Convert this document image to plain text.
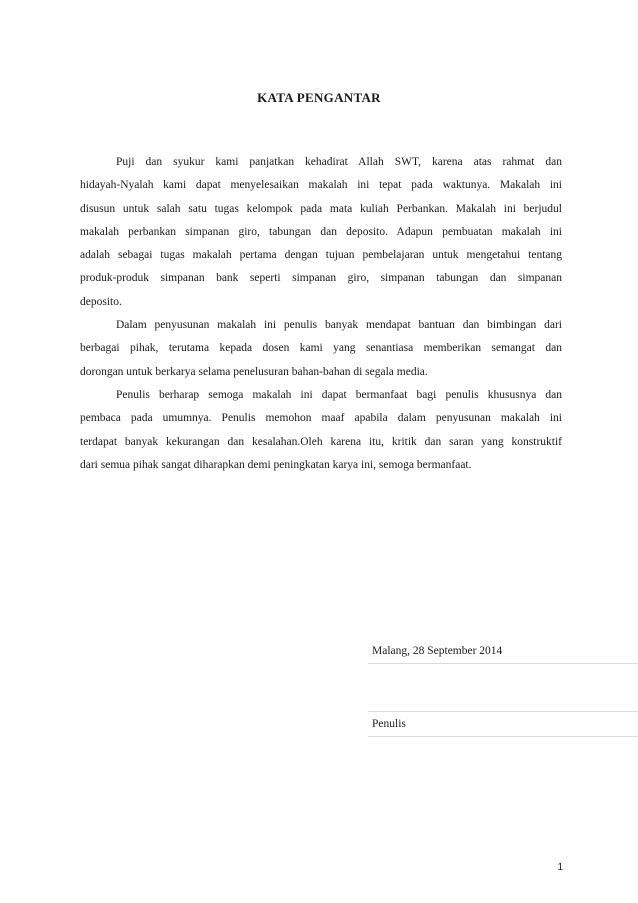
KATA PENGANTAR
Puji dan syukur kami panjatkan kehadirat Allah SWT, karena atas rahmat dan
hidayah-Nyalah kami dapat menyelesaikan makalah ini tepat pada waktunya. Makalah ini
disusun untuk salah satu tugas kelompok pada mata kuliah Perbankan. Makalah ini berjudul
makalah perbankan simpanan giro, tabungan dan deposito. Adapun pembuatan makalah ini
adalah sebagai tugas makalah pertama dengan tujuan pembelajaran untuk mengetahui tentang
produk-produk simpanan bank seperti simpanan giro, simpanan tabungan dan simpanan
deposito.
Dalam penyusunan makalah ini penulis banyak mendapat bantuan dan bimbingan dari
berbagai pihak, terutama kepada dosen kami yang senantiasa memberikan semangat dan
dorongan untuk berkarya selama penelusuran bahan-bahan di segala media.
Penulis berharap semoga makalah ini dapat bermanfaat bagi penulis khususnya dan
pembaca pada umumnya. Penulis memohon maaf apabila dalam penyusunan makalah ini
terdapat banyak kekurangan dan kesalahan.Oleh karena itu, kritik dan saran yang konstruktif
dari semua pihak sangat diharapkan demi peningkatan karya ini, semoga bermanfaat.
Malang, 28 September 2014
Penulis
1
